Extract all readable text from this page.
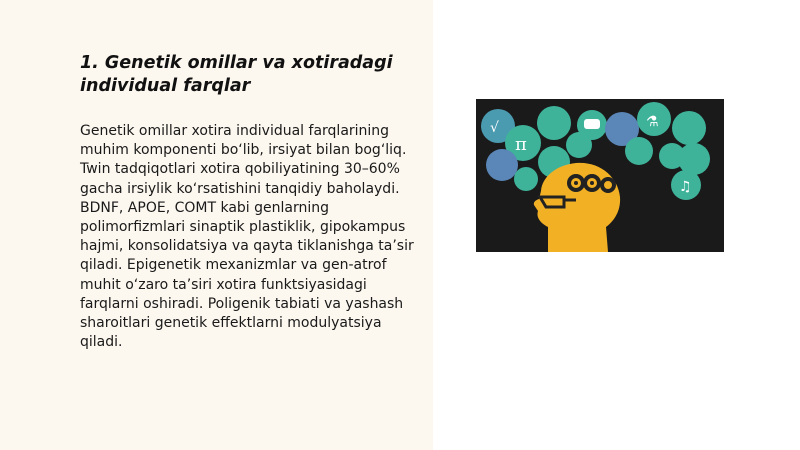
1. Genetik omillar va xotiradagi individual farqlar

Genetik omillar xotira individual farqlarining muhim komponenti bo‘lib, irsiyat bilan bog‘liq. Twin tadqiqotlari xotira qobiliyatining 30–60% gacha irsiylik ko‘rsatishini tanqidiy baholaydi. BDNF, APOE, COMT kabi genlarning polimorfizmlari sinaptik plastiklik, gipokampus hajmi, konsolidatsiya va qayta tiklanishga ta’sir qiladi. Epigenetik mexanizmlar va gen-atrof muhit o‘zaro ta’siri xotira funktsiyasidagi farqlarni oshiradi. Poligenik tabiati va yashash sharoitlari genetik effektlarni modulyatsiya qiladi.

√	⚗
π
♫
